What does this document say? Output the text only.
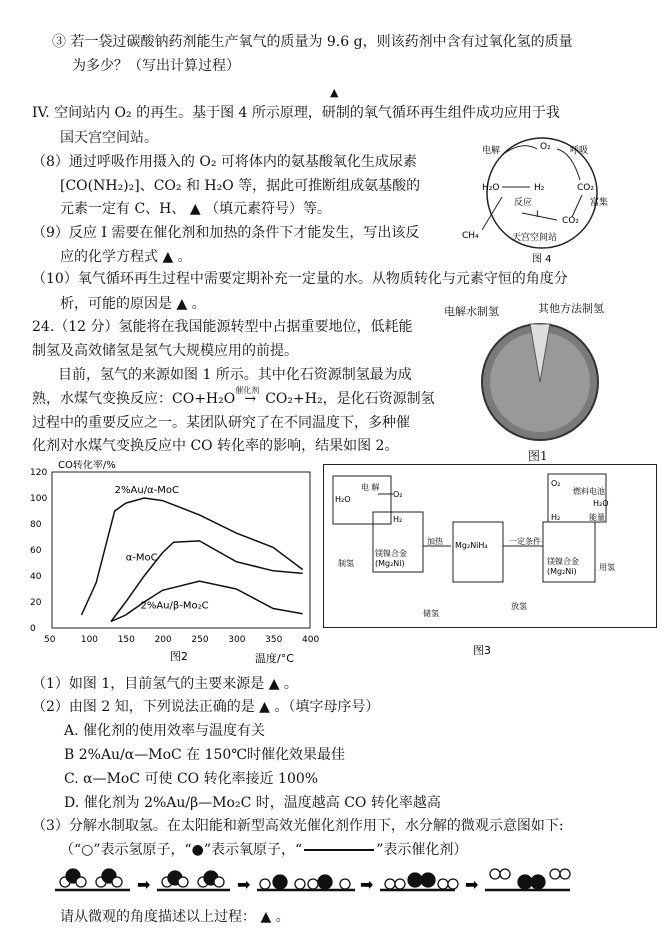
③ 若一袋过碳酸钠药剂能生产氧气的质量为 9.6 g，则该药剂中含有过氧化氢的质量
为多少？（写出计算过程）
▲
IV. 空间站内 O₂ 的再生。基于图 4 所示原理，研制的氧气循环再生组件成功应用于我
国天宫空间站。
（8）通过呼吸作用摄入的 O₂ 可将体内的氨基酸氧化生成尿素
[CO(NH₂)₂]、CO₂ 和 H₂O 等，据此可推断组成氨基酸的
元素一定有 C、H、 ▲ （填元素符号）等。
（9）反应 I 需要在催化剂和加热的条件下才能发生，写出该反
应的化学方程式 ▲ 。
（10）氧气循环再生过程中需要定期补充一定量的水。从物质转化与元素守恒的角度分
析，可能的原因是 ▲ 。
电解	O₂ 呼吸
H₂O	H₂	CO₂
反应
I
富集
CO₂
CH₄	天宫空间站
图 4
24.（12 分）氢能将在我国能源转型中占据重要地位，低耗能
制氢及高效储氢是氢气大规模应用的前提。
目前，氢气的来源如图 1 所示。其中化石资源制氢最为成
熟，水煤气变换反应：CO+H₂O
催化剂
→ CO₂+H₂，是化石资源制氢
过程中的重要反应之一。某团队研究了在不同温度下，多种催
化剂对水煤气变换反应中 CO 转化率的影响，结果如图 2。
电解水制氢	其他方法制氢
图1
CO转化率/%
50	100 150 200 250 300 350 400
0
20
40
60
80
100
120
2%Au/α-MoC
α-MoC
2%Au/β-Mo₂C
图2	温度/°C
H₂O
电 解
O₂
H₂
镁镍合金
(Mg₂Ni)
制氢
加热 Mg₂NiH₄
储氢
一定条件
放氢
镁镍合金
(Mg₂Ni)	用氢
O₂
燃料电池
H₂O
H₂	能量
图3
（1）如图 1，目前氢气的主要来源是 ▲ 。
（2）由图 2 知，下列说法正确的是 ▲ 。（填字母序号）
A. 催化剂的使用效率与温度有关
B 2%Au/α—MoC 在 150℃时催化效果最佳
C. α—MoC 可使 CO 转化率接近 100%
D. 催化剂为 2%Au/β—Mo₂C 时，温度越高 CO 转化率越高
（3）分解水制取氢。在太阳能和新型高效光催化剂作用下，水分解的微观示意图如下:
（“○”表示氢原子，“●”表示氧原子，“	”表示催化剂）
➡	➡	➡	➡
请从微观的角度描述以上过程： ▲ 。
